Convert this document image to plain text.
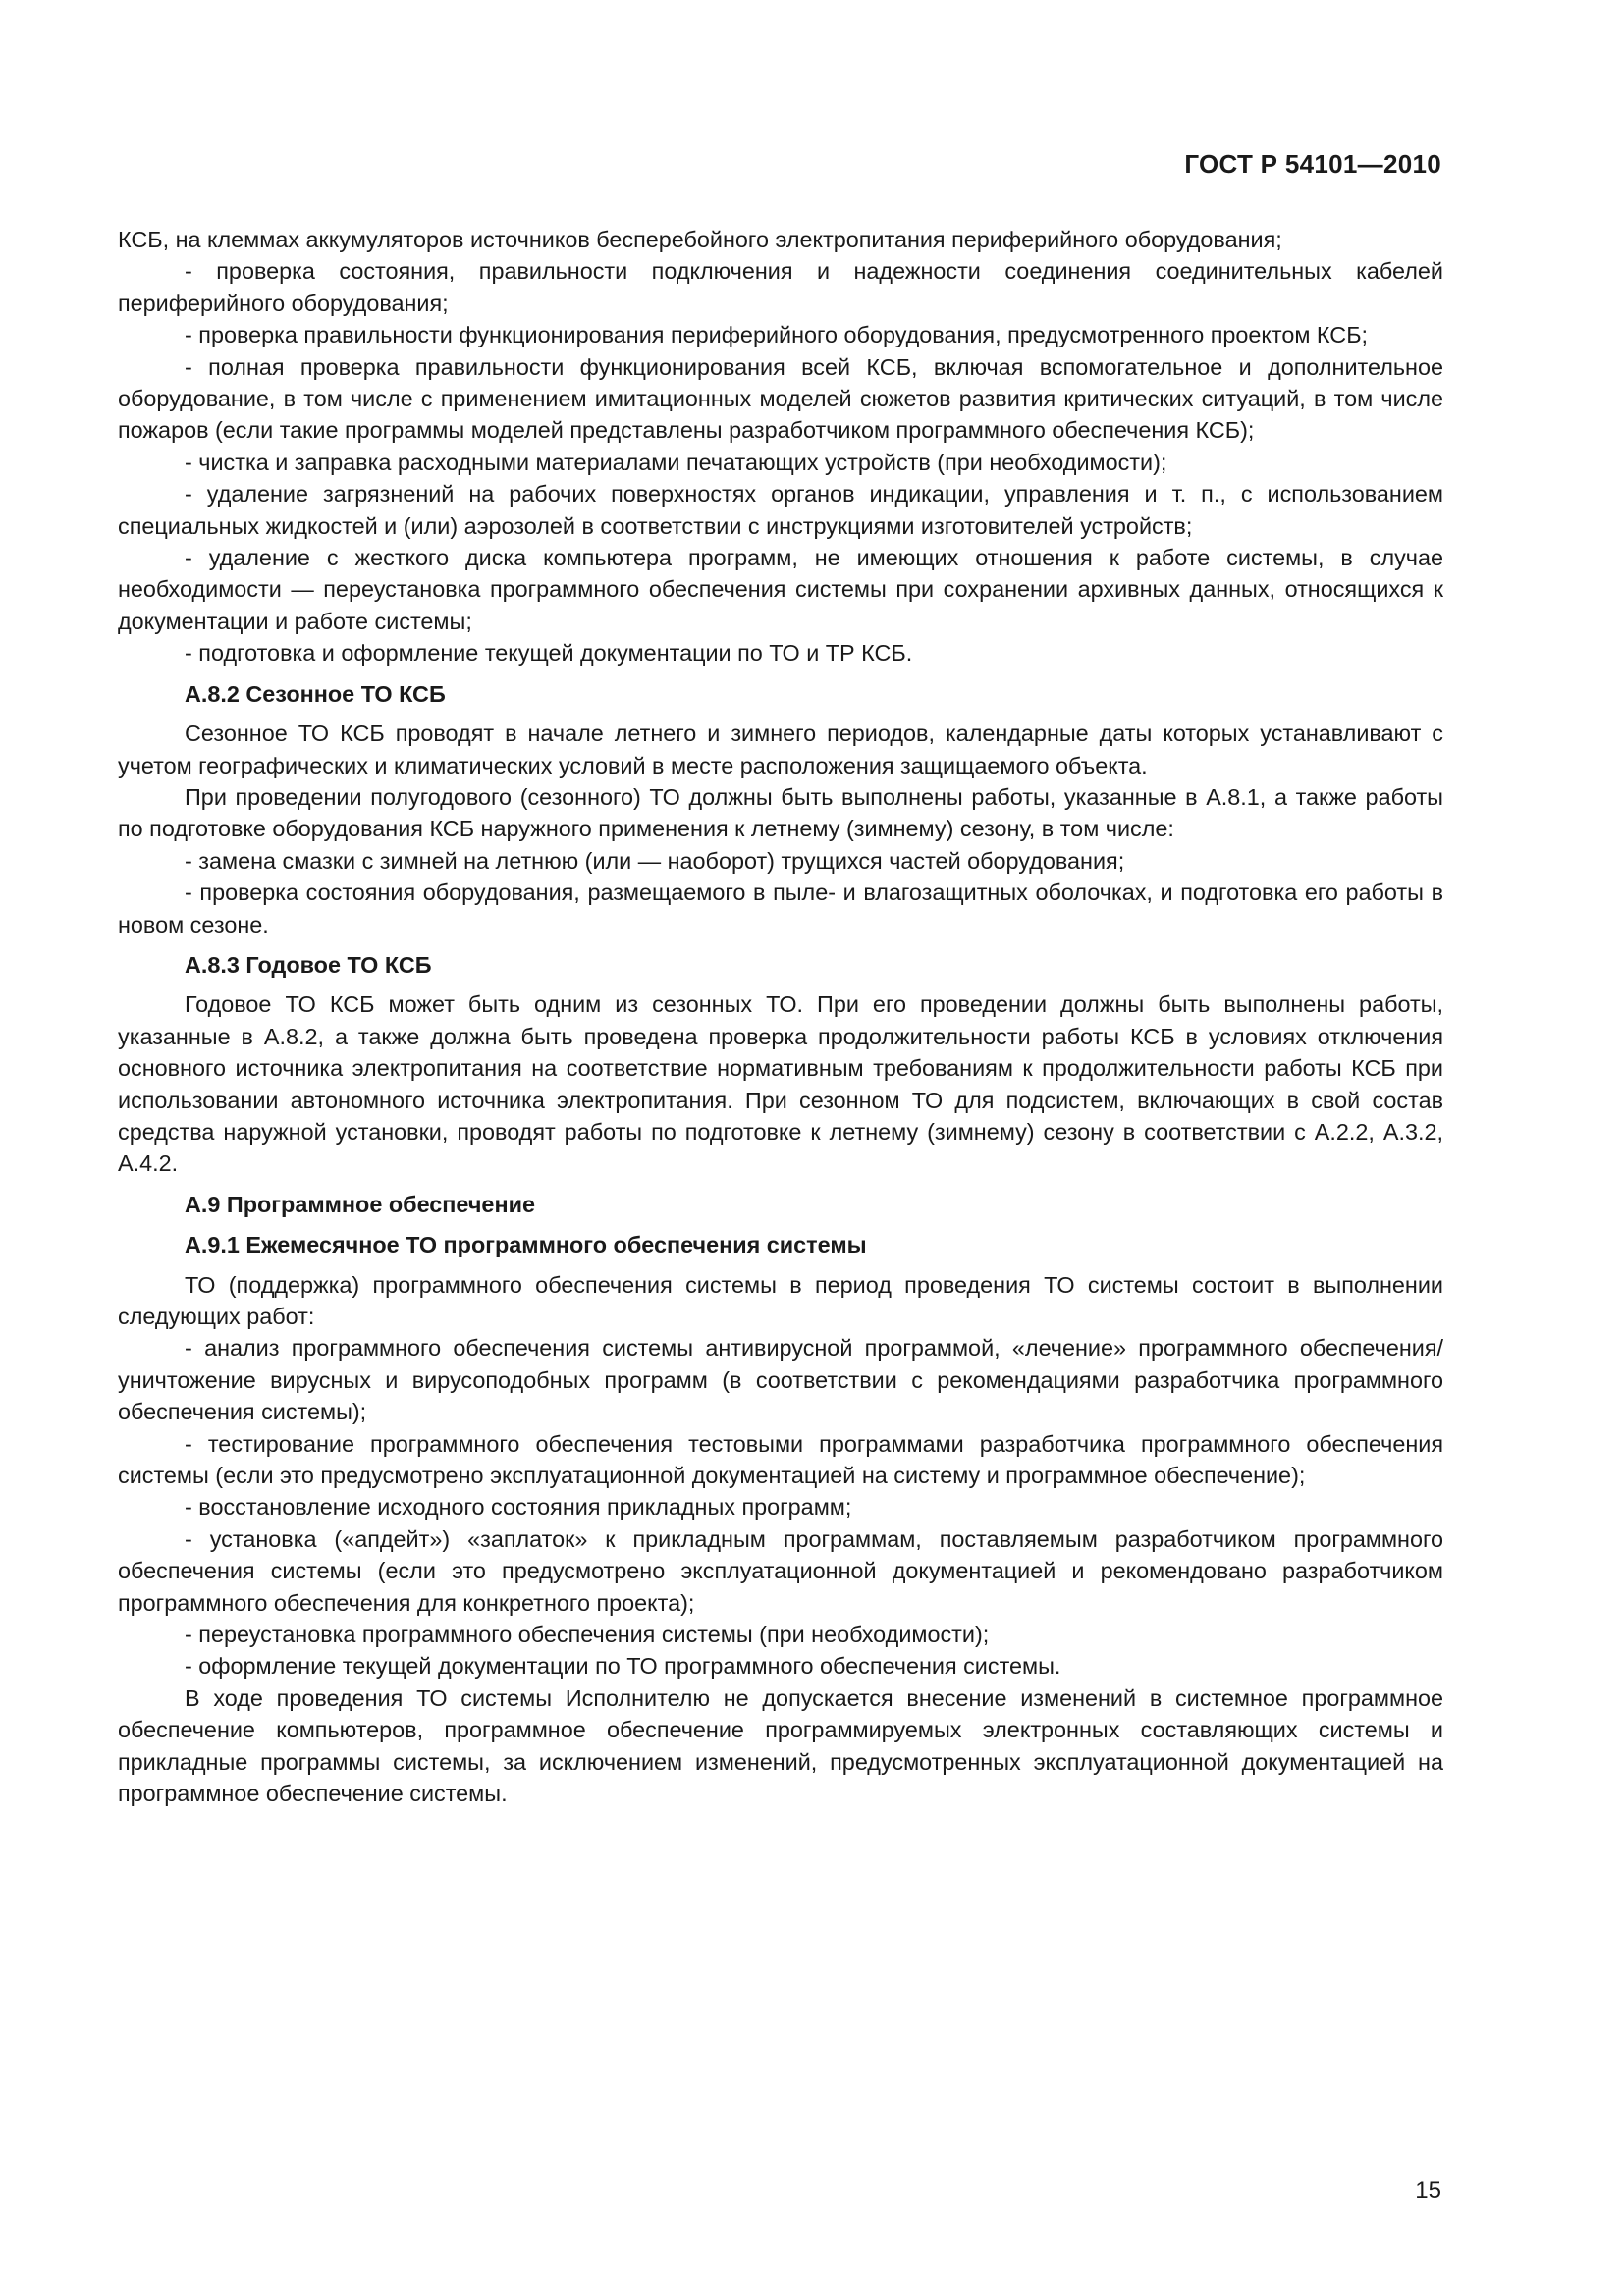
ГОСТ Р 54101—2010

КСБ, на клеммах аккумуляторов источников бесперебойного электропитания периферийного оборудования;

- проверка состояния, правильности подключения и надежности соединения соединительных кабелей периферийного оборудования;

- проверка правильности функционирования периферийного оборудования, предусмотренного проектом КСБ;

- полная проверка правильности функционирования всей КСБ, включая вспомогательное и дополнительное оборудование, в том числе с применением имитационных моделей сюжетов развития критических ситуаций, в том числе пожаров (если такие программы моделей представлены разработчиком программного обеспечения КСБ);

- чистка и заправка расходными материалами печатающих устройств (при необходимости);

- удаление загрязнений на рабочих поверхностях органов индикации, управления и т. п., с использованием специальных жидкостей и (или) аэрозолей в соответствии с инструкциями изготовителей устройств;

- удаление с жесткого диска компьютера программ, не имеющих отношения к работе системы, в случае необходимости — переустановка программного обеспечения системы при сохранении архивных данных, относящихся к документации и работе системы;

- подготовка и оформление текущей документации по ТО и ТР КСБ.

А.8.2 Сезонное ТО КСБ

Сезонное ТО КСБ проводят в начале летнего и зимнего периодов, календарные даты которых устанавливают с учетом географических и климатических условий в месте расположения защищаемого объекта.

При проведении полугодового (сезонного) ТО должны быть выполнены работы, указанные в А.8.1, а также работы по подготовке оборудования КСБ наружного применения к летнему (зимнему) сезону, в том числе:

- замена смазки с зимней на летнюю (или — наоборот) трущихся частей оборудования;

- проверка состояния оборудования, размещаемого в пыле- и влагозащитных оболочках, и подготовка его работы в новом сезоне.

А.8.3 Годовое ТО КСБ

Годовое ТО КСБ может быть одним из сезонных ТО. При его проведении должны быть выполнены работы, указанные в А.8.2, а также должна быть проведена проверка продолжительности работы КСБ в условиях отключения основного источника электропитания на соответствие нормативным требованиям к продолжительности работы КСБ при использовании автономного источника электропитания. При сезонном ТО для подсистем, включающих в свой состав средства наружной установки, проводят работы по подготовке к летнему (зимнему) сезону в соответствии с А.2.2, А.3.2, А.4.2.

А.9 Программное обеспечение

А.9.1 Ежемесячное ТО программного обеспечения системы

ТО (поддержка) программного обеспечения системы в период проведения ТО системы состоит в выполнении следующих работ:

- анализ программного обеспечения системы антивирусной программой, «лечение» программного обеспечения/уничтожение вирусных и вирусоподобных программ (в соответствии с рекомендациями разработчика программного обеспечения системы);

- тестирование программного обеспечения тестовыми программами разработчика программного обеспечения системы (если это предусмотрено эксплуатационной документацией на систему и программное обеспечение);

- восстановление исходного состояния прикладных программ;

- установка («апдейт») «заплаток» к прикладным программам, поставляемым разработчиком программного обеспечения системы (если это предусмотрено эксплуатационной документацией и рекомендовано разработчиком программного обеспечения для конкретного проекта);

- переустановка программного обеспечения системы (при необходимости);

- оформление текущей документации по ТО программного обеспечения системы.

В ходе проведения ТО системы Исполнителю не допускается внесение изменений в системное программное обеспечение компьютеров, программное обеспечение программируемых электронных составляющих системы и прикладные программы системы, за исключением изменений, предусмотренных эксплуатационной документацией на программное обеспечение системы.

15
